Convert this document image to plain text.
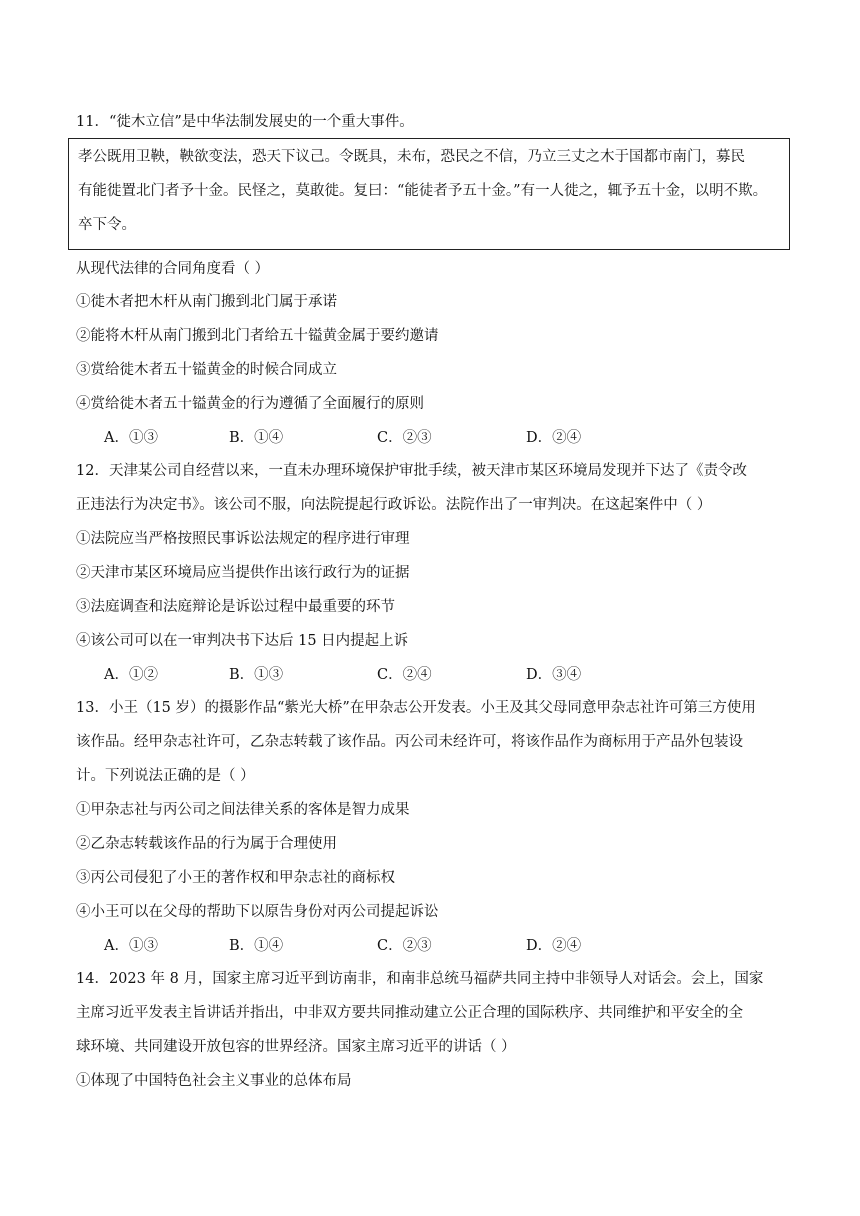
11．“徙木立信”是中华法制发展史的一个重大事件。
孝公既用卫鞅，鞅欲变法，恐天下议己。令既具，未布，恐民之不信，乃立三丈之木于国都市南门，募民
有能徙置北门者予十金。民怪之，莫敢徙。复曰：“能徒者予五十金。”有一人徙之，辄予五十金，以明不欺。
卒下令。
从现代法律的合同角度看（ ）
①徙木者把木杆从南门搬到北门属于承诺
②能将木杆从南门搬到北门者给五十镒黄金属于要约邀请
③赏给徙木者五十镒黄金的时候合同成立
④赏给徙木者五十镒黄金的行为遵循了全面履行的原则
A．①③	B．①④	C．②③	D．②④
12．天津某公司自经营以来，一直未办理环境保护审批手续，被天津市某区环境局发现并下达了《责令改
正违法行为决定书》。该公司不服，向法院提起行政诉讼。法院作出了一审判决。在这起案件中（ ）
①法院应当严格按照民事诉讼法规定的程序进行审理
②天津市某区环境局应当提供作出该行政行为的证据
③法庭调查和法庭辩论是诉讼过程中最重要的环节
④该公司可以在一审判决书下达后 15 日内提起上诉
A．①②	B．①③	C．②④	D．③④
13．小王（15 岁）的摄影作品“紫光大桥”在甲杂志公开发表。小王及其父母同意甲杂志社许可第三方使用
该作品。经甲杂志社许可，乙杂志转载了该作品。丙公司未经许可，将该作品作为商标用于产品外包装设
计。下列说法正确的是（ ）
①甲杂志社与丙公司之间法律关系的客体是智力成果
②乙杂志转载该作品的行为属于合理使用
③丙公司侵犯了小王的著作权和甲杂志社的商标权
④小王可以在父母的帮助下以原告身份对丙公司提起诉讼
A．①③	B．①④	C．②③	D．②④
14．2023 年 8 月，国家主席习近平到访南非，和南非总统马福萨共同主持中非领导人对话会。会上，国家
主席习近平发表主旨讲话并指出，中非双方要共同推动建立公正合理的国际秩序、共同维护和平安全的全
球环境、共同建设开放包容的世界经济。国家主席习近平的讲话（ ）
①体现了中国特色社会主义事业的总体布局
